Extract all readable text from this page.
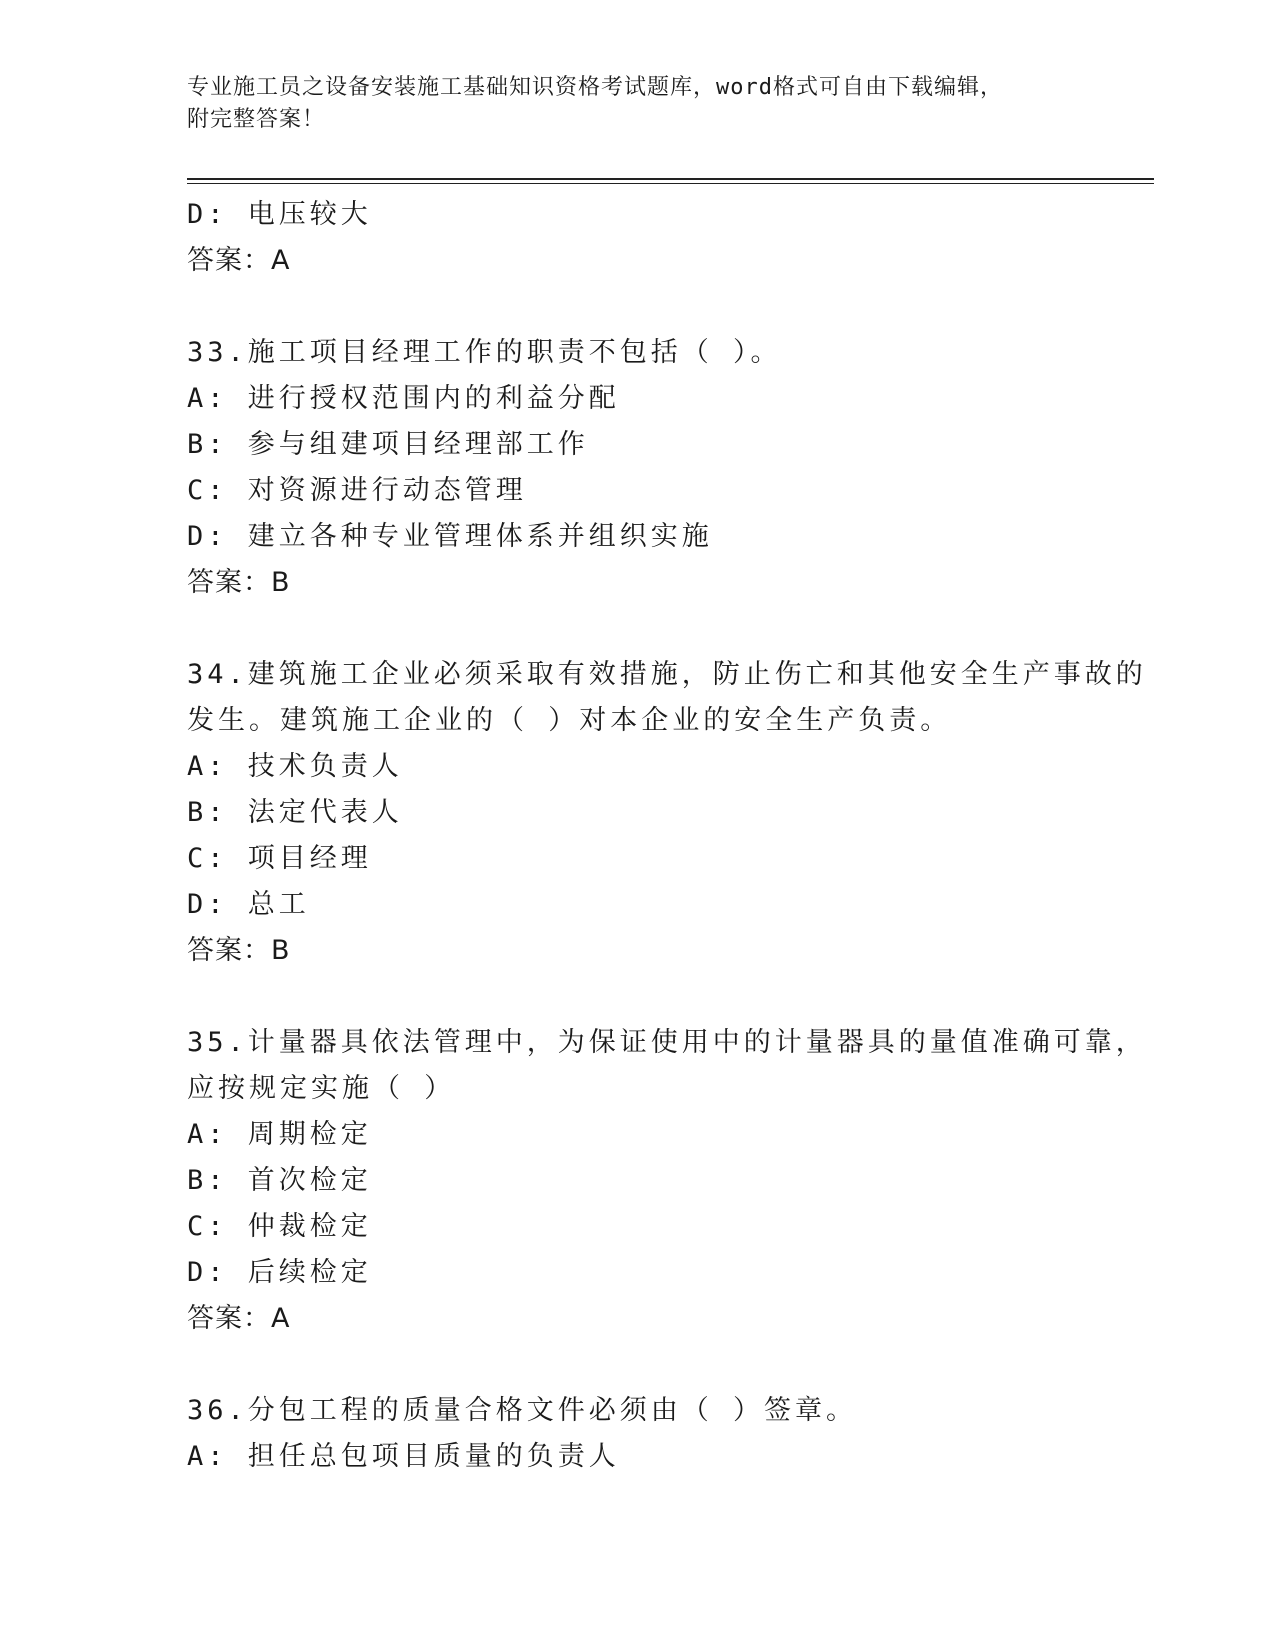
专业施工员之设备安装施工基础知识资格考试题库，word格式可自由下载编辑，
附完整答案！
D: 电压较大
答案：A
33.施工项目经理工作的职责不包括（ ）。
A: 进行授权范围内的利益分配
B: 参与组建项目经理部工作
C: 对资源进行动态管理
D: 建立各种专业管理体系并组织实施
答案：B
34.建筑施工企业必须采取有效措施，防止伤亡和其他安全生产事故的
发生。建筑施工企业的（ ）对本企业的安全生产负责。
A: 技术负责人
B: 法定代表人
C: 项目经理
D: 总工
答案：B
35.计量器具依法管理中，为保证使用中的计量器具的量值准确可靠，
应按规定实施（ ）
A: 周期检定
B: 首次检定
C: 仲裁检定
D: 后续检定
答案：A
36.分包工程的质量合格文件必须由（ ）签章。
A: 担任总包项目质量的负责人
